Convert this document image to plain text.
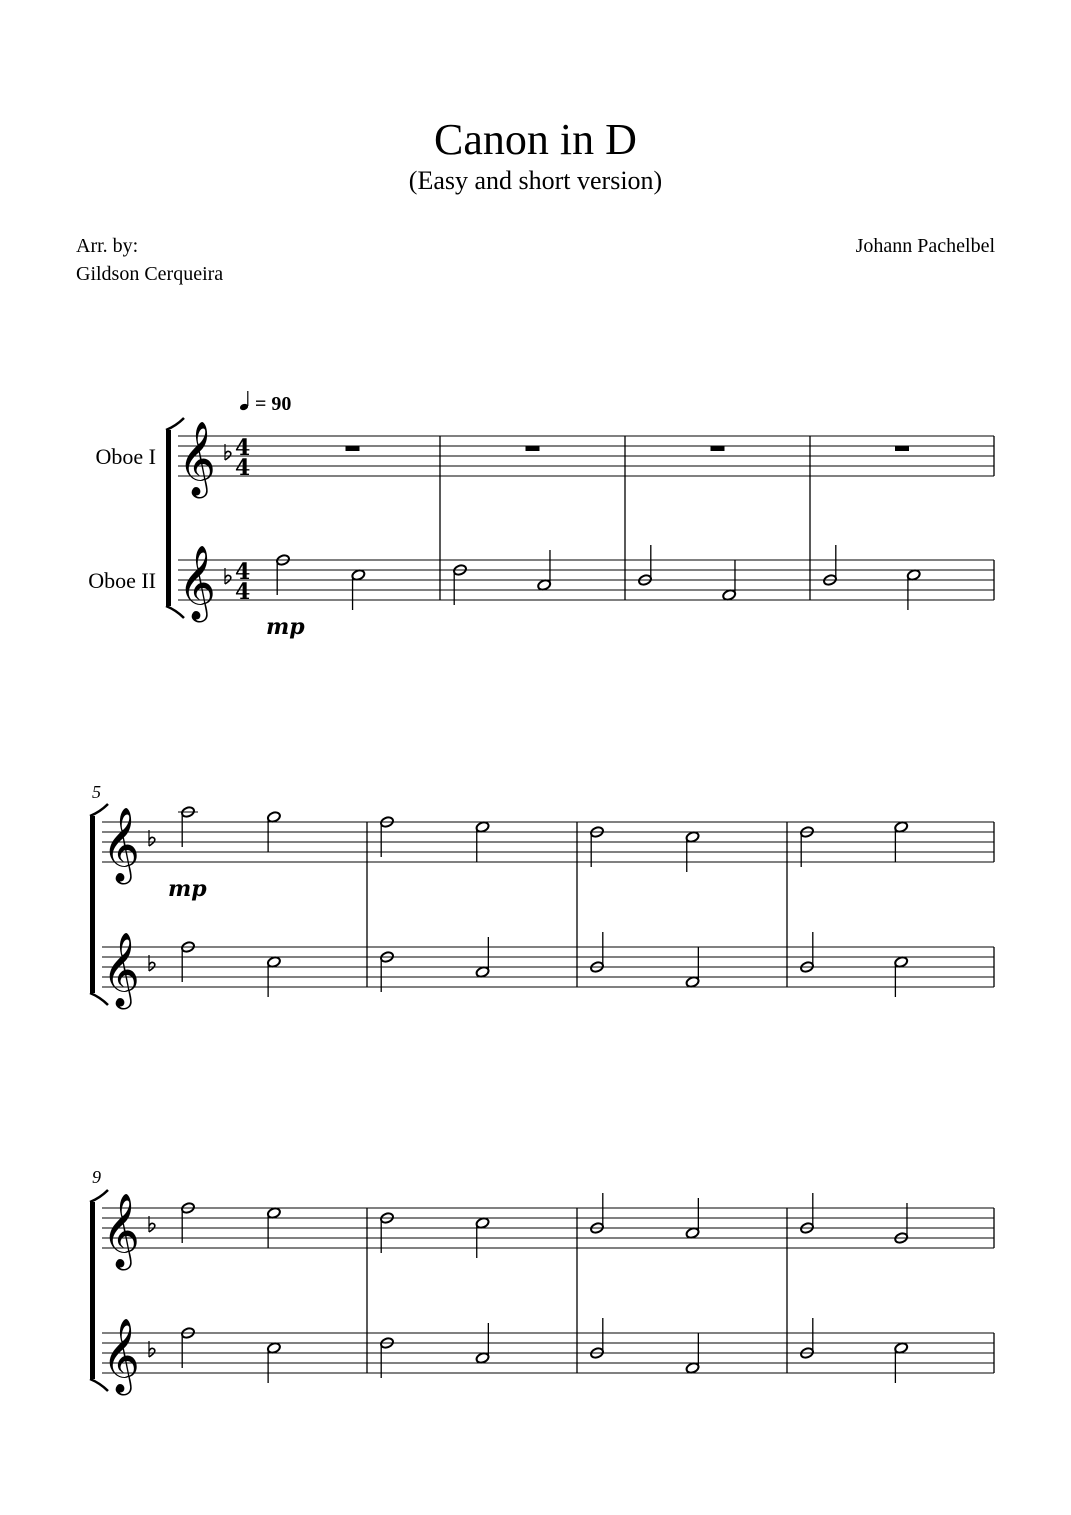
Canon in D
(Easy and short version)
Arr. by:
Gildson Cerqueira
Johann Pachelbel
Oboe I
Oboe II
= 90
5
9
𝄞 4
4
𝄞 4
4
𝄞
𝄞
𝄞
𝄞
mp
mp
